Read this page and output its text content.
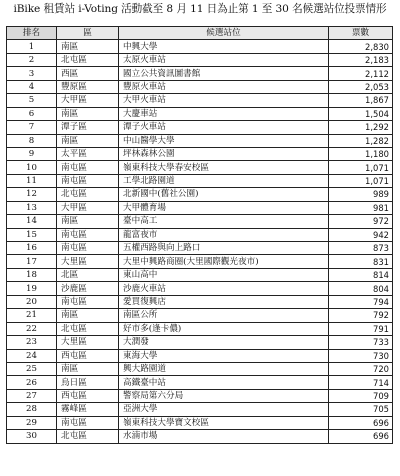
iBike 租賃站 i-Voting 活動截至 8 月 11 日為止第 1 至 30 名候選站位投票情形
排名	區	候選站位	票數
1	南區	中興大學	2,830
2	北屯區	太原火車站	2,183
3	西區	國立公共資訊圖書館	2,112
4	豐原區	豐原火車站	2,053
5	大甲區	大甲火車站	1,867
6	南區	大慶車站	1,504
7	潭子區	潭子火車站	1,292
8	南區	中山醫學大學	1,282
9	太平區	坪林森林公園	1,180
10	南屯區	嶺東科技大學春安校區	1,071
11	南屯區	工學北路園道	1,071
12	北屯區	北新國中(舊社公園)	989
13	大甲區	大甲體育場	981
14	南區	臺中高工	972
15	南屯區	龍富夜市	942
16	南屯區	五權西路與向上路口	873
17	大里區	大里中興路商圈(大里國際觀光夜市)	831
18	北區	東山高中	814
19	沙鹿區	沙鹿火車站	804
20	南屯區	愛買復興店	794
21	南區	南區公所	792
22	北屯區	好市多(逢卡儂)	791
23	大里區	大潤發	733
24	西屯區	東海大學	730
25	南區	興大路園道	720
26	烏日區	高鐵臺中站	714
27	西屯區	警察局第六分局	709
28	霧峰區	亞洲大學	705
29	南屯區	嶺東科技大學寶文校區	696
30	北屯區	水湳市場	696
